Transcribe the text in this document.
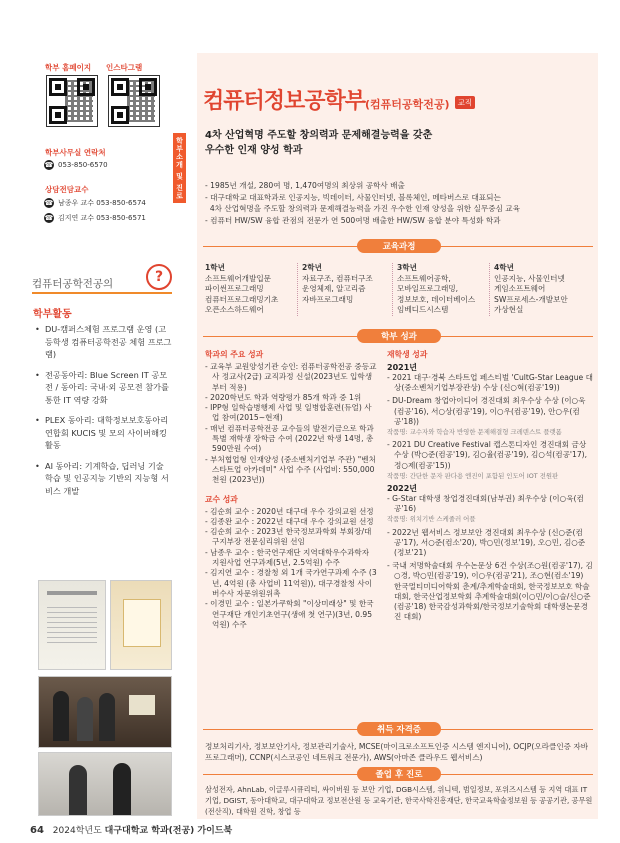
학부 홈페이지 인스타그램
학부사무실 연락처
☎ 053-850-6570
상담전담교수
☎ 남종우 교수 053-850-6574
☎ 김지연 교수 053-850-6571
컴퓨터공학전공의	?
학부활동
• DU-캠퍼스체험 프로그램 운영 (고등학생 컴퓨터공학전공 체험 프로그램)
• 전공동아리: Blue Screen IT 공모전 / 동아리: 국내·외 공모전 참가를 통한 IT 역량 강화
• PLEX 동아리: 대학정보보호동아리 연합회 KUCIS 및 모의 사이버해킹 활동
• AI 동아리: 기계학습, 딥러닝 기술 학습 및 인공지능 기반의 지능형 서비스 개발
학부소개 및 진로
컴퓨터정보공학부(컴퓨터공학전공) 교직
4차 산업혁명 주도할 창의력과 문제해결능력을 갖춘
우수한 인재 양성 학과
- 1985년 개설, 280여 명, 1,470여명의 최상위 공학사 배출
- 대구대학교 대표학과로 인공지능, 빅데이터, 사물인터넷, 블록체인, 메타버스로 대표되는
4차 산업혁명을 주도할 창의력과 문제해결능력을 가진 우수한 인재 양성을 위한 실무중심 교육
- 컴퓨터 HW/SW 융합 관점의 전문가 연 500여명 배출한 HW/SW 융합 분야 특성화 학과
교육과정
1학년
소프트웨어개발입문
파이썬프로그래밍
컴퓨터프로그래밍기초
오픈소스하드웨어
2학년
자료구조, 컴퓨터구조
운영체제, 알고리즘
자바프로그래밍
3학년
소프트웨어공학,
모바일프로그래밍,
정보보호, 데이터베이스
임베디드시스템
4학년
인공지능, 사물인터넷
게임소프트웨어
SW프로세스-개발보안
가상현실
학부 성과
학과의 주요 성과
- 교육부 교원양성기관 승인: 컴퓨터공학전공 중등교사 정교사(2급) 교직과정 신설(2023년도 입학생부터 적용)
- 2020학년도 학과 역량평가 85개 학과 중 1위
- IPP형 일학습병행제 사업 및 일병합훈련(듀얼) 사업 참여(2015~현재)
- 매년 컴퓨터공학전공 교수들의 발전기금으로 학과 특별 재학생 장학금 수여 (2022년 학생 14명, 총 590만원 수여)
- 부처협업형 인재양성 (중소벤처기업부 주관) "벤처스타트업 아카데미" 사업 수주 (사업비: 550,000천원 (2023년))
교수 성과
- 김순희 교수 : 2020년 대구대 우수 강의교원 선정
- 김종완 교수 : 2022년 대구대 우수 강의교원 선정
- 김순희 교수 : 2023년 한국정보과학회 부회장/대구지부장 전문심리위원 선임
- 남종우 교수 : 한국연구재단 지역대학우수과학자 지원사업 연구과제(5년, 2.5억원) 수주
- 김지연 교수 : 경찰청 외 1개 국가연구과제 수주 (3년, 4억원 (총 사업비 11억원)), 대구경찰청 사이버수사 자문위원위촉
- 이경민 교수 : 일본가쿠학회 "이상미래상" 및 한국연구재단 개인기초연구(생애 첫 연구)(3년, 0.95억원) 수주
재학생 성과
2021년
- 2021 대구·경북 스타트업 페스티벌 'CultG-Star League 대상(중소벤처기업부장관상) 수상 (신○혁(컴공'19))
- DU-Dream 창업아이디어 경진대회 최우수상 수상 (이○욱(컴공'16), 서○상(컴공'19), 이○우(컴공'19), 안○우(컴공'18))
작품명: 교수자와 학습자 반영한 문제해결형 크레덴스트 플랫폼
- 2021 DU Creative Festival 캡스톤디자인 경진대회 금상 수상 (박○준(컴공'19), 김○율(컴공'19), 김○석(컴공'17), 정○제(컴공'15))
작품명: 간단한 문자 판다용 엔진이 포함된 인도어 IOT 전원판
2022년
- G-Star 대학생 창업경진대회(남부권) 최우수상 (이○욱(컴공'16)
작품명: 위치기반 스케줄러 어플
- 2022년 웹서비스 정보보안 경진대회 최우수상 (신○준(컴공'17), 서○준(컴소'20), 박○민(정보'19), 오○민, 김○준(정보'21)
- 국내 저명학술대회 우수논문상 6건 수상(조○원(컴공'17), 김○경, 박○민(컴공'19), 이○우(컴공'21), 조○현(컴소'19) 한국멀티미디어학회 춘계/추계학술대회, 한국정보보호 학술대회, 한국산업정보학회 추계학술대회(이○민/이○슬/신○준(컴공'18) 한국감성과학회/한국정보기술학회 대학생논문경진 대회)
취득 자격증
정보처리기사, 정보보안기사, 정보관리기술사, MCSE(마이크로소프트인증 시스템 엔지니어), OCJP(오라클인증 자바 프로그래머), CCNP(시스코공인 네트워크 전문가), AWS(아마존 클라우드 웹서비스)
졸업 후 진로
삼성전자, AhnLab, 이글루시큐리티, 싸이버원 등 보안 기업, DGB시스템, 위니텍, 범일정보, 포위즈시스템 등 지역 대표 IT 기업, DGIST, 동아대학교, 대구대학교 정보전산원 등 교육기관, 한국사학진흥재단, 한국교육학술정보원 등 공공기관, 공무원(전산직), 대학원 진학, 창업 등
64 2024학년도 대구대학교 학과(전공) 가이드북
